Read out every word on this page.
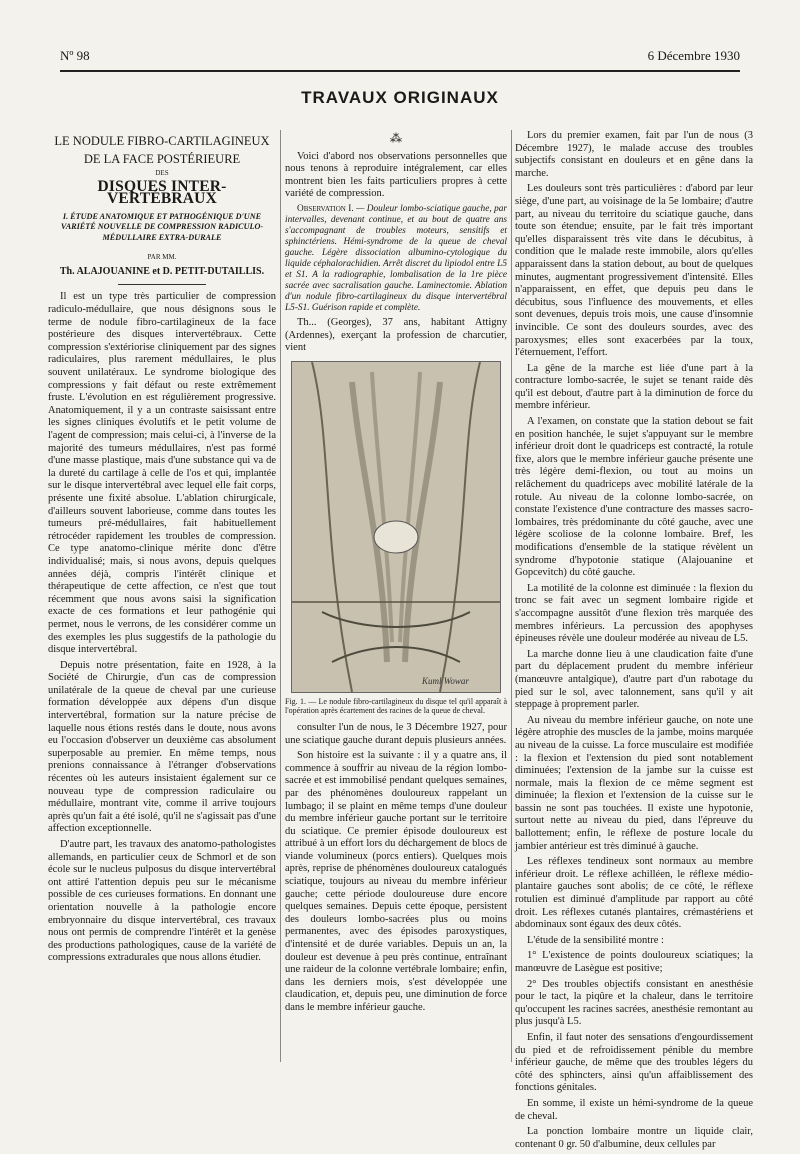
Nº 98	6 Décembre 1930
TRAVAUX ORIGINAUX
LE NODULE FIBRO-CARTILAGINEUX
DE LA FACE POSTÉRIEURE
DES
DISQUES INTER-VERTÉBRAUX
I. ÉTUDE ANATOMIQUE ET PATHOGÉNIQUE D'UNE VARIÉTÉ NOUVELLE DE COMPRESSION RADICULO-MÉDULLAIRE EXTRA-DURALE
PAR MM.
Th. ALAJOUANINE et D. PETIT-DUTAILLIS.

Il est un type très particulier de compression radiculo-médullaire, que nous désignons sous le terme de nodule fibro-cartilagineux de la face postérieure des disques intervertébraux. Cette compression s'extériorise cliniquement par des signes radiculaires, plus rarement médullaires, le plus souvent unilatéraux. Le syndrome biologique des compressions y fait défaut ou reste extrêmement fruste. L'évolution en est régulièrement progressive. Anatomiquement, il y a un contraste saisissant entre les signes cliniques évolutifs et le petit volume de l'agent de compression; mais celui-ci, à l'inverse de la majorité des tumeurs médullaires, n'est pas formé d'une masse plastique, mais d'une substance qui va de la dureté du cartilage à celle de l'os et qui, implantée sur le disque intervertébral avec lequel elle fait corps, présente une fixité absolue. L'ablation chirurgicale, d'ailleurs souvent laborieuse, comme dans toutes les tumeurs pré-médullaires, fait habituellement rétrocéder rapidement les troubles de compression. Ce type anatomo-clinique mérite donc d'être individualisé; mais, si nous avons, depuis quelques années déjà, compris l'intérêt clinique et thérapeutique de cette affection, ce n'est que tout récemment que nous avons saisi la signification exacte de ces formations et leur pathogénie qui permet, nous le verrons, de les considérer comme un des exemples les plus suggestifs de la pathologie du disque intervertébral.

Depuis notre présentation, faite en 1928, à la Société de Chirurgie, d'un cas de compression unilatérale de la queue de cheval par une curieuse formation développée aux dépens d'un disque intervertébral, formation sur la nature précise de laquelle nous étions restés dans le doute, nous avons eu l'occasion d'observer un deuxième cas absolument superposable au premier. En même temps, nous prenions connaissance à l'étranger d'observations récentes où les auteurs insistaient également sur ce nouveau type de compression radiculaire ou médullaire, montrant vite, comme il arrive toujours après qu'un fait a été isolé, qu'il ne s'agissait pas d'une affection exceptionnelle.

D'autre part, les travaux des anatomo-pathologistes allemands, en particulier ceux de Schmorl et de son école sur le nucleus pulposus du disque intervertébral ont attiré l'attention depuis peu sur le mécanisme possible de ces curieuses formations. En donnant une orientation nouvelle à la pathologie encore embryonnaire du disque intervertébral, ces travaux nous ont permis de comprendre l'intérêt et la genèse des productions pathologiques, cause de la variété de compressions extradurales que nous allons étudier.

⁂

Voici d'abord nos observations personnelles que nous tenons à reproduire intégralement, car elles montrent bien les faits particuliers propres à cette variété de compression.

Observation I. — Douleur lombo-sciatique gauche, par intervalles, devenant continue, et au bout de quatre ans s'accompagnant de troubles moteurs, sensitifs et sphinctériens. Hémi-syndrome de la queue de cheval gauche. Légère dissociation albumino-cytologique du liquide céphalorachidien. Arrêt discret du lipiodol entre L5 et S1. A la radiographie, lombalisation de la 1re pièce sacrée avec sacralisation gauche. Laminectomie. Ablation d'un nodule fibro-cartilagineux du disque intervertébral L5-S1. Guérison rapide et complète.

Th... (Georges), 37 ans, habitant Attigny (Ardennes), exerçant la profession de charcutier, vient

Kuml Wowar
Fig. 1. — Le nodule fibro-cartilagineux du disque tel qu'il apparaît à l'opération après écartement des racines de la queue de cheval.

consulter l'un de nous, le 3 Décembre 1927, pour une sciatique gauche durant depuis plusieurs années.

Son histoire est la suivante : il y a quatre ans, il commence à souffrir au niveau de la région lombo-sacrée et est immobilisé pendant quelques semaines, par des phénomènes douloureux rappelant un lumbago; il se plaint en même temps d'une douleur du membre inférieur gauche portant sur le territoire du sciatique. Ce premier épisode douloureux est attribué à un effort lors du déchargement de blocs de viande volumineux (porcs entiers). Quelques mois après, reprise de phénomènes douloureux catalogués sciatique, toujours au niveau du membre inférieur gauche; cette période douloureuse dure encore quelques semaines. Depuis cette époque, persistent des douleurs lombo-sacrées plus ou moins permanentes, avec des épisodes paroxystiques, d'intensité et de durée variables. Depuis un an, la douleur est devenue à peu près continue, entraînant une raideur de la colonne vertébrale lombaire; enfin, dans les derniers mois, s'est développée une claudication, et, depuis peu, une diminution de force dans le membre inférieur gauche.

Lors du premier examen, fait par l'un de nous (3 Décembre 1927), le malade accuse des troubles subjectifs consistant en douleurs et en gêne dans la marche.

Les douleurs sont très particulières : d'abord par leur siège, d'une part, au voisinage de la 5e lombaire; d'autre part, au niveau du territoire du sciatique gauche, dans toute son étendue; ensuite, par le fait très important qu'elles disparaissent très vite dans le décubitus, à condition que le malade reste immobile, alors qu'elles apparaissent dans la station debout, au bout de quelques minutes, augmentant progressivement d'intensité. Elles n'apparaissent, en effet, que depuis peu dans le décubitus, sous l'influence des mouvements, et elles sont devenues, depuis trois mois, une cause d'insomnie invincible. Ce sont des douleurs sourdes, avec des paroxysmes; elles sont exacerbées par la toux, l'éternuement, l'effort.

La gêne de la marche est liée d'une part à la contracture lombo-sacrée, le sujet se tenant raide dès qu'il est debout, d'autre part à la diminution de force du membre inférieur.

A l'examen, on constate que la station debout se fait en position hanchée, le sujet s'appuyant sur le membre inférieur droit dont le quadriceps est contracté, la rotule fixe, alors que le membre inférieur gauche présente une très légère demi-flexion, ou tout au moins un relâchement du quadriceps avec mobilité latérale de la rotule. Au niveau de la colonne lombo-sacrée, on constate l'existence d'une contracture des masses sacro-lombaires, très prédominante du côté gauche, avec une légère scoliose de la colonne lombaire. Bref, les modifications d'ensemble de la statique révèlent un syndrome d'hypotonie statique (Alajouanine et Gopcevitch) du côté gauche.

La motilité de la colonne est diminuée : la flexion du tronc se fait avec un segment lombaire rigide et s'accompagne aussitôt d'une flexion très marquée des membres inférieurs. La percussion des apophyses épineuses révèle une douleur modérée au niveau de L5.

La marche donne lieu à une claudication faite d'une part du déplacement prudent du membre inférieur (manœuvre antalgique), d'autre part d'un rabotage du pied sur le sol, avec talonnement, sans qu'il y ait steppage à proprement parler.

Au niveau du membre inférieur gauche, on note une légère atrophie des muscles de la jambe, moins marquée au niveau de la cuisse. La force musculaire est modifiée : la flexion et l'extension du pied sont notablement diminuées; l'extension de la jambe sur la cuisse est normale, mais la flexion de ce même segment est diminuée; la flexion et l'extension de la cuisse sur le bassin ne sont pas touchées. Il existe une hypotonie, surtout nette au niveau du pied, dans l'épreuve du ballottement; enfin, le réflexe de posture locale du jambier antérieur est très diminué à gauche.

Les réflexes tendineux sont normaux au membre inférieur droit. Le réflexe achilléen, le réflexe médio-plantaire gauches sont abolis; de ce côté, le réflexe rotulien est diminué d'amplitude par rapport au côté droit. Les réflexes cutanés plantaires, crémastériens et abdominaux sont égaux des deux côtés.

L'étude de la sensibilité montre :

1° L'existence de points douloureux sciatiques; la manœuvre de Lasègue est positive;

2° Des troubles objectifs consistant en anesthésie pour le tact, la piqûre et la chaleur, dans le territoire qu'occupent les racines sacrées, anesthésie remontant au plus jusqu'à L5.

Enfin, il faut noter des sensations d'engourdissement du pied et de refroidissement pénible du membre inférieur gauche, de même que des troubles légers du côté des sphincters, ainsi qu'un affaiblissement des fonctions génitales.

En somme, il existe un hémi-syndrome de la queue de cheval.

La ponction lombaire montre un liquide clair, contenant 0 gr. 50 d'albumine, deux cellules par
